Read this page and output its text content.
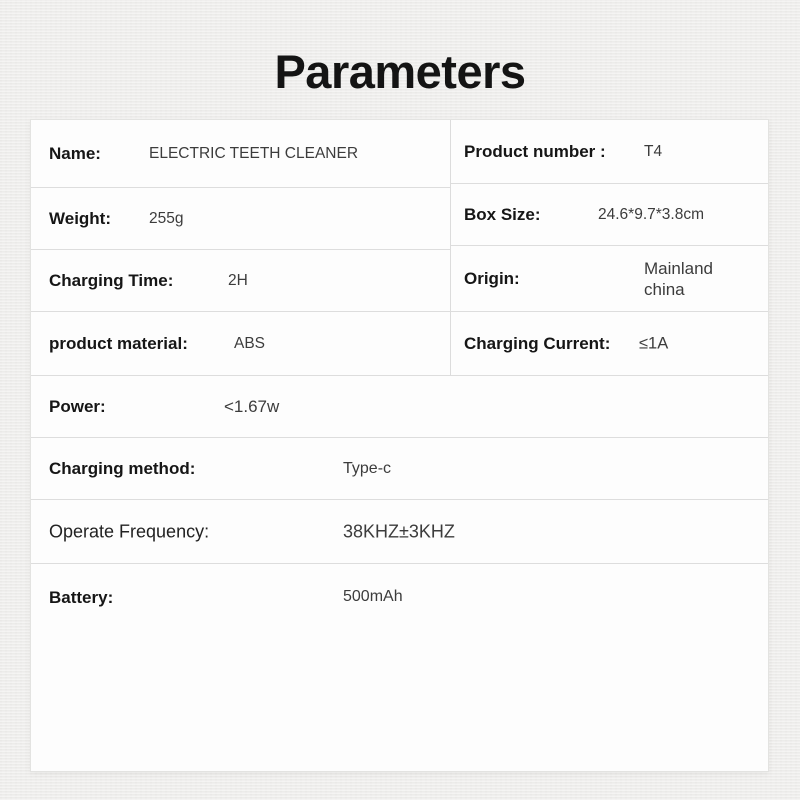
Parameters
Name:	ELECTRIC TEETH CLEANER
Weight: 255g
Charging Time:	2H
product material:	ABS
Product number : T4
Box Size:	24.6*9.7*3.8cm
Origin:
Mainland china
Charging Current: ≤1A
Power:	<1.67w
Charging method:	Type-c
Operate Frequency:	38KHZ±3KHZ
Battery:	500mAh
